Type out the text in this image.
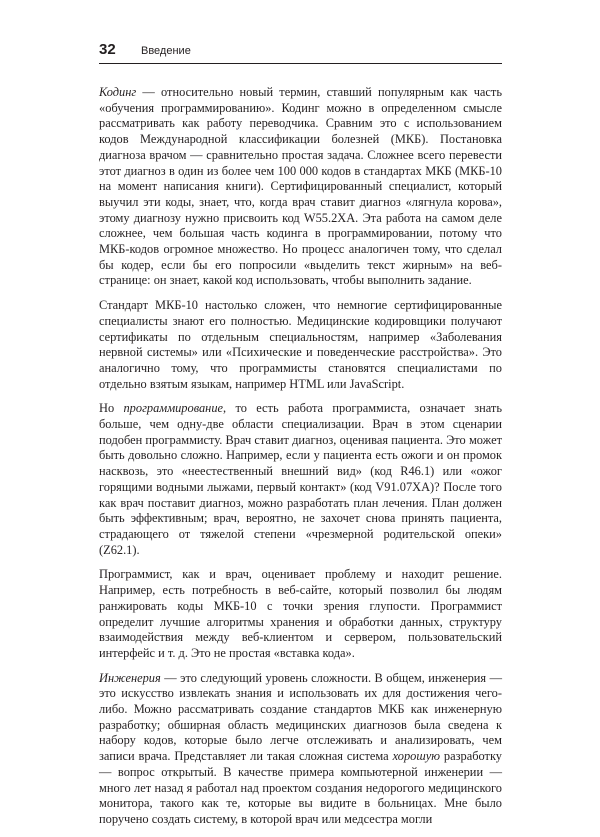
32 Введение

Кодинг — относительно новый термин, ставший популярным как часть «обучения программированию». Кодинг можно в определенном смысле рассматривать как работу переводчика. Сравним это с использованием кодов Международной классификации болезней (МКБ). Постановка диагноза врачом — сравнительно простая задача. Сложнее всего перевести этот диагноз в один из более чем 100 000 кодов в стандартах МКБ (МКБ-10 на момент написания книги). Сертифицированный специалист, который выучил эти коды, знает, что, когда врач ставит диагноз «лягнула корова», этому диагнозу нужно присвоить код W55.2XA. Эта работа на самом деле сложнее, чем большая часть кодинга в программировании, потому что МКБ-кодов огромное множество. Но процесс аналогичен тому, что сделал бы кодер, если бы его попросили «выделить текст жирным» на веб-странице: он знает, какой код использовать, чтобы выполнить задание.

Стандарт МКБ-10 настолько сложен, что немногие сертифицированные специалисты знают его полностью. Медицинские кодировщики получают сертификаты по отдельным специальностям, например «Заболевания нервной системы» или «Психические и поведенческие расстройства». Это аналогично тому, что программисты становятся специалистами по отдельно взятым языкам, например HTML или JavaScript.

Но программирование, то есть работа программиста, означает знать больше, чем одну-две области специализации. Врач в этом сценарии подобен программисту. Врач ставит диагноз, оценивая пациента. Это может быть довольно сложно. Например, если у пациента есть ожоги и он промок насквозь, это «неестественный внешний вид» (код R46.1) или «ожог горящими водными лыжами, первый контакт» (код V91.07XA)? После того как врач поставит диагноз, можно разработать план лечения. План должен быть эффективным; врач, вероятно, не захочет снова принять пациента, страдающего от тяжелой степени «чрезмерной родительской опеки» (Z62.1).

Программист, как и врач, оценивает проблему и находит решение. Например, есть потребность в веб-сайте, который позволил бы людям ранжировать коды МКБ-10 с точки зрения глупости. Программист определит лучшие алгоритмы хранения и обработки данных, структуру взаимодействия между веб-клиентом и сервером, пользовательский интерфейс и т. д. Это не простая «вставка кода».

Инженерия — это следующий уровень сложности. В общем, инженерия — это искусство извлекать знания и использовать их для достижения чего-либо. Можно рассматривать создание стандартов МКБ как инженерную разработку; обширная область медицинских диагнозов была сведена к набору кодов, которые было легче отслеживать и анализировать, чем записи врача. Представляет ли такая сложная система хорошую разработку — вопрос открытый. В качестве примера компьютерной инженерии — много лет назад я работал над проектом создания недорогого медицинского монитора, такого как те, которые вы видите в больницах. Мне было поручено создать систему, в которой врач или медсестра могли
